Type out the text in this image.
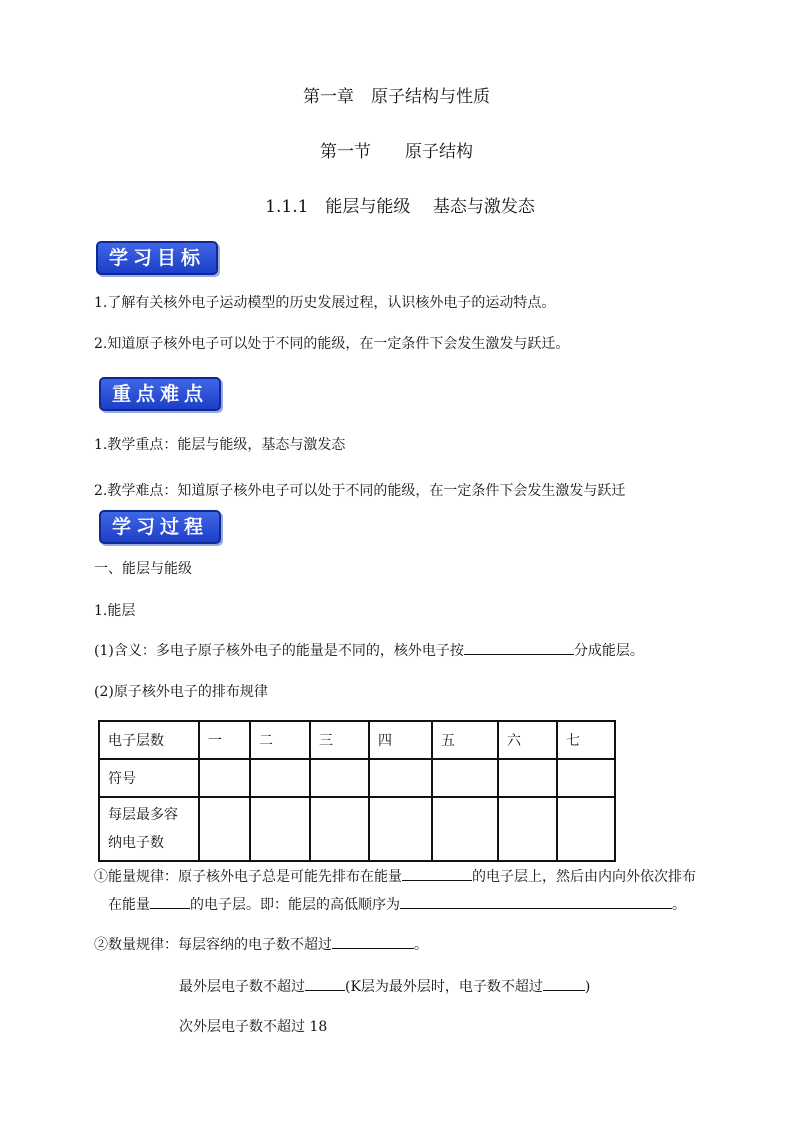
第一章　原子结构与性质
第一节　　原子结构
1.1.1　能层与能级　 基态与激发态
学习目标
1.了解有关核外电子运动模型的历史发展过程，认识核外电子的运动特点。
2.知道原子核外电子可以处于不同的能级，在一定条件下会发生激发与跃迁。
重点难点
1.教学重点：能层与能级，基态与激发态
2.教学难点：知道原子核外电子可以处于不同的能级，在一定条件下会发生激发与跃迁
学习过程
一、能层与能级
1.能层
(1)含义：多电子原子核外电子的能量是不同的，核外电子按	分成能层。
(2)原子核外电子的排布规律
电子层数	一	二	三	四	五	六	七
符号							

每层最多容
纳电子数							

①能量规律：原子核外电子总是可能先排布在能量	的电子层上，然后由内向外依次排布
在能量	的电子层。即：能层的高低顺序为	。
②数量规律：每层容纳的电子数不超过	。
最外层电子数不超过	(K层为最外层时，电子数不超过	)
次外层电子数不超过 18
